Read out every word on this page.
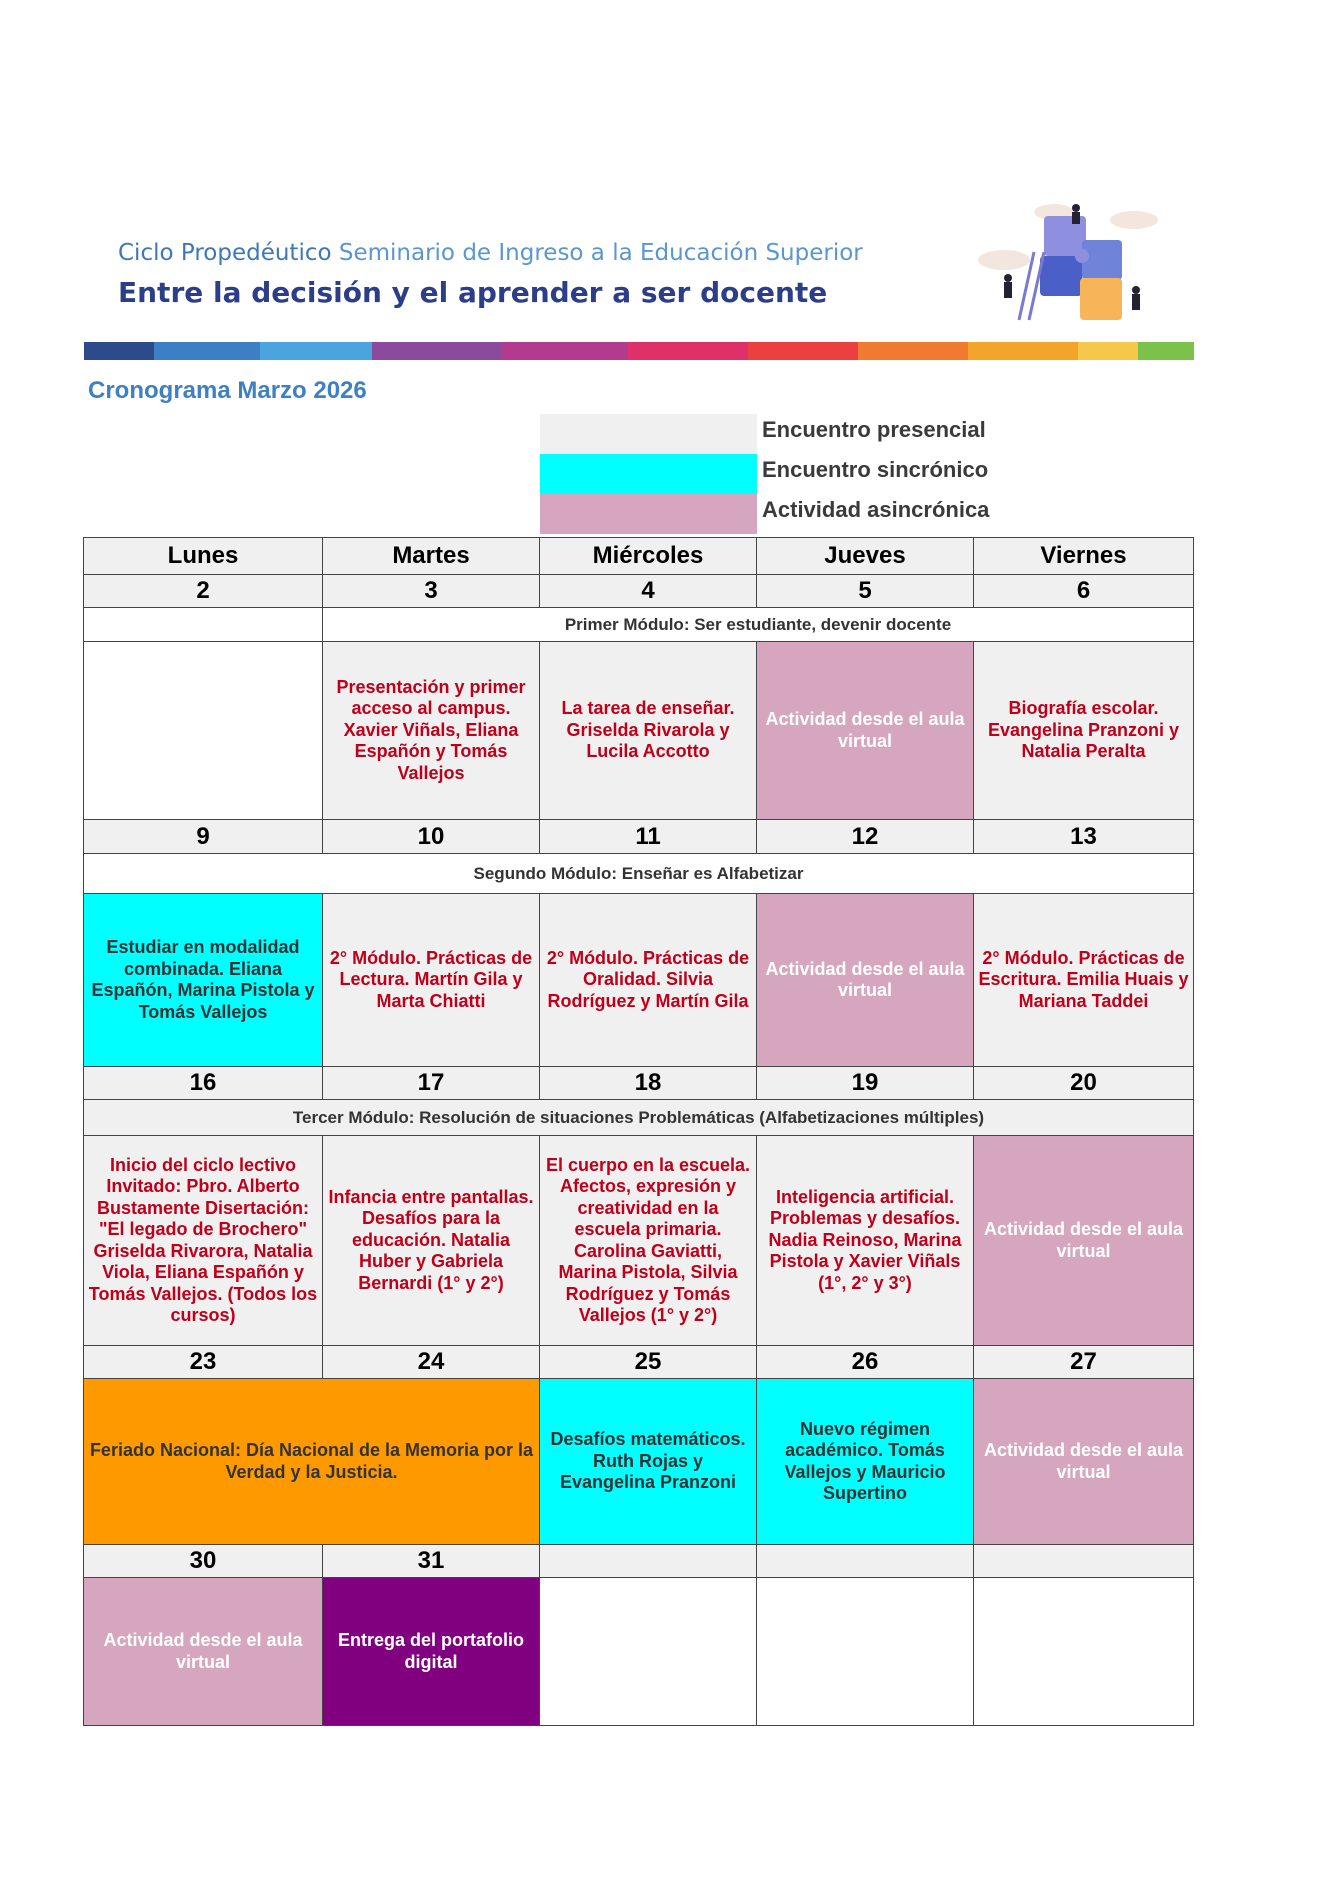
Ciclo Propedéutico Seminario de Ingreso a la Educación Superior
Entre la decisión y el aprender a ser docente
Cronograma Marzo 2026
Encuentro presencial
Encuentro sincrónico
Actividad asincrónica
Lunes	Martes	Miércoles	Jueves	Viernes
2	3	4	5	6
	Primer Módulo: Ser estudiante, devenir docente			
	Presentación y primer acceso al campus. Xavier Viñals, Eliana Españón y Tomás Vallejos	La tarea de enseñar. Griselda Rivarola y Lucila Accotto	Actividad desde el aula virtual	Biografía escolar. Evangelina Pranzoni y Natalia Peralta
9	10	11	12	13
Segundo Módulo: Enseñar es Alfabetizar				
Estudiar en modalidad combinada. Eliana Españón, Marina Pistola y Tomás Vallejos	2° Módulo. Prácticas de Lectura. Martín Gila y Marta Chiatti	2° Módulo. Prácticas de Oralidad. Silvia Rodríguez y Martín Gila	Actividad desde el aula virtual	2° Módulo. Prácticas de Escritura. Emilia Huais y Mariana Taddei
16	17	18	19	20
Tercer Módulo: Resolución de situaciones Problemáticas (Alfabetizaciones múltiples)				
Inicio del ciclo lectivo Invitado: Pbro. Alberto Bustamente Disertación: "El legado de Brochero" Griselda Rivarora, Natalia Viola, Eliana Españón y Tomás Vallejos. (Todos los cursos)	Infancia entre pantallas. Desafíos para la educación. Natalia Huber y Gabriela Bernardi (1° y 2°)	El cuerpo en la escuela. Afectos, expresión y creatividad en la escuela primaria. Carolina Gaviatti, Marina Pistola, Silvia Rodríguez y Tomás Vallejos (1° y 2°)	Inteligencia artificial. Problemas y desafíos. Nadia Reinoso, Marina Pistola y Xavier Viñals (1°, 2° y 3°)	Actividad desde el aula virtual
23	24	25	26	27
Feriado Nacional: Día Nacional de la Memoria por la Verdad y la Justicia.		Desafíos matemáticos. Ruth Rojas y Evangelina Pranzoni	Nuevo régimen académico. Tomás Vallejos y Mauricio Supertino	Actividad desde el aula virtual
30	31			
Actividad desde el aula virtual	Entrega del portafolio digital			
